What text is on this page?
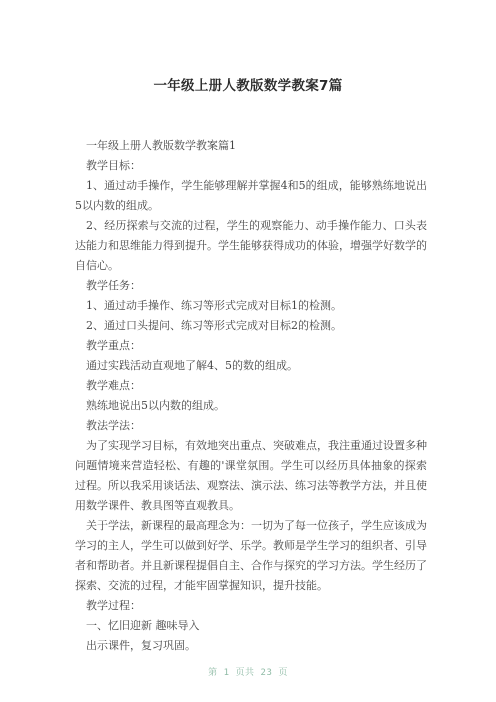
一年级上册人教版数学教案7篇

一年级上册人教版数学教案篇1

教学目标：

1、通过动手操作，学生能够理解并掌握4和5的组成，能够熟练地说出5以内数的组成。

2、经历探索与交流的过程，学生的观察能力、动手操作能力、口头表达能力和思维能力得到提升。学生能够获得成功的体验，增强学好数学的自信心。

教学任务：

1、通过动手操作、练习等形式完成对目标1的检测。

2、通过口头提问、练习等形式完成对目标2的检测。

教学重点：

通过实践活动直观地了解4、5的数的组成。

教学难点：

熟练地说出5以内数的组成。

教法学法：

为了实现学习目标，有效地突出重点、突破难点，我注重通过设置多种问题情境来营造轻松、有趣的'课堂氛围。学生可以经历具体抽象的探索过程。所以我采用谈话法、观察法、演示法、练习法等教学方法，并且使用数学课件、教具图等直观教具。

关于学法，新课程的最高理念为：一切为了每一位孩子，学生应该成为学习的主人，学生可以做到好学、乐学。教师是学生学习的组织者、引导者和帮助者。并且新课程提倡自主、合作与探究的学习方法。学生经历了探索、交流的过程，才能牢固掌握知识，提升技能。

教学过程：

一、忆旧迎新 趣味导入

出示课件，复习巩固。

第 1 页共 23 页
